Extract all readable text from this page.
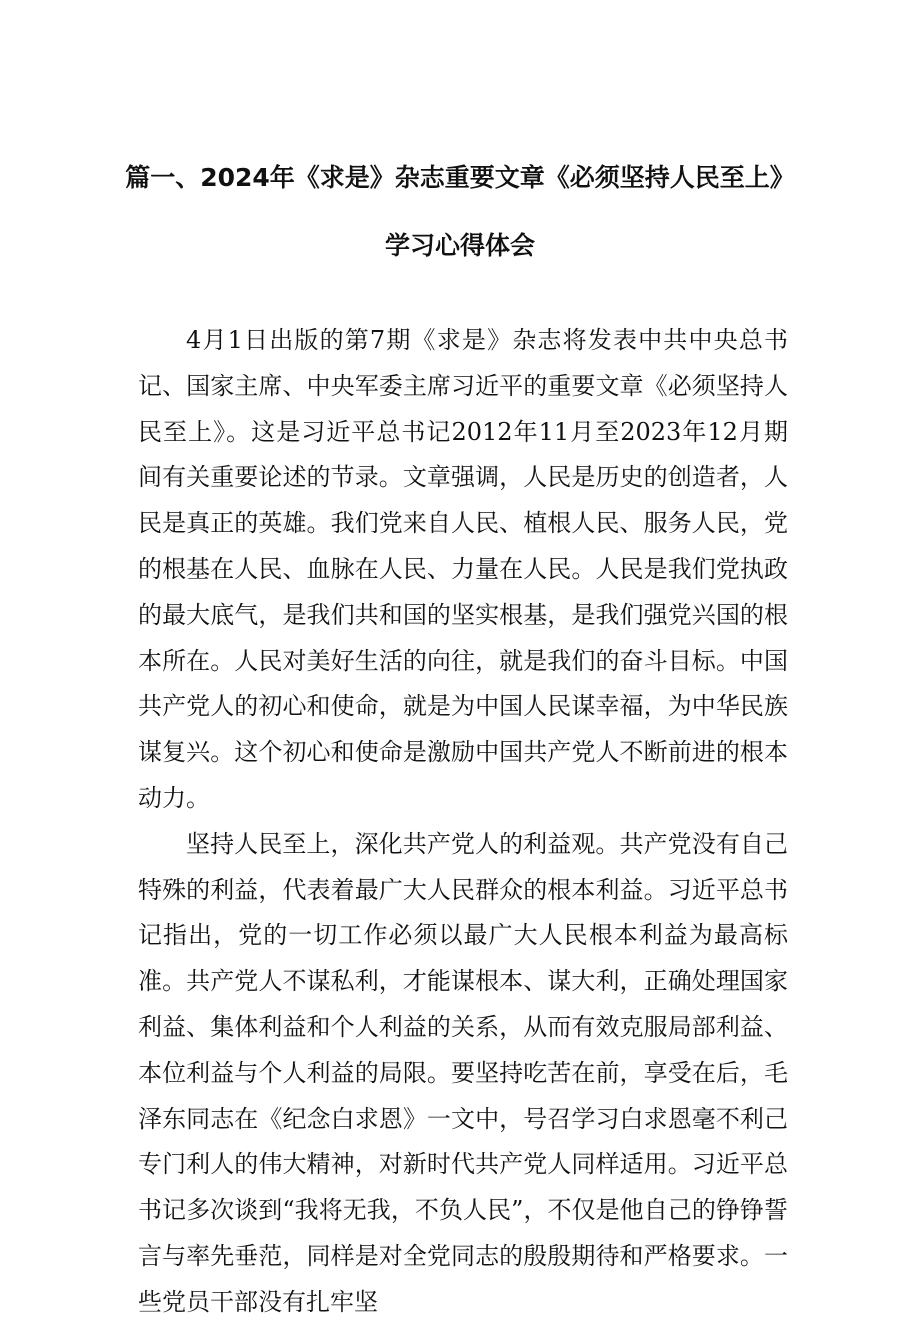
篇一、2024年《求是》杂志重要文章《必须坚持人民至上》
学习心得体会

4月1日出版的第7期《求是》杂志将发表中共中央总书记、国家主席、中央军委主席习近平的重要文章《必须坚持人民至上》。这是习近平总书记2012年11月至2023年12月期间有关重要论述的节录。文章强调，人民是历史的创造者，人民是真正的英雄。我们党来自人民、植根人民、服务人民，党的根基在人民、血脉在人民、力量在人民。人民是我们党执政的最大底气，是我们共和国的坚实根基，是我们强党兴国的根本所在。人民对美好生活的向往，就是我们的奋斗目标。中国共产党人的初心和使命，就是为中国人民谋幸福，为中华民族谋复兴。这个初心和使命是激励中国共产党人不断前进的根本动力。

坚持人民至上，深化共产党人的利益观。共产党没有自己特殊的利益，代表着最广大人民群众的根本利益。习近平总书记指出，党的一切工作必须以最广大人民根本利益为最高标准。共产党人不谋私利，才能谋根本、谋大利，正确处理国家利益、集体利益和个人利益的关系，从而有效克服局部利益、本位利益与个人利益的局限。要坚持吃苦在前，享受在后，毛泽东同志在《纪念白求恩》一文中，号召学习白求恩毫不利己专门利人的伟大精神，对新时代共产党人同样适用。习近平总书记多次谈到“我将无我，不负人民”，不仅是他自己的铮铮誓言与率先垂范，同样是对全党同志的殷殷期待和严格要求。一些党员干部没有扎牢坚
